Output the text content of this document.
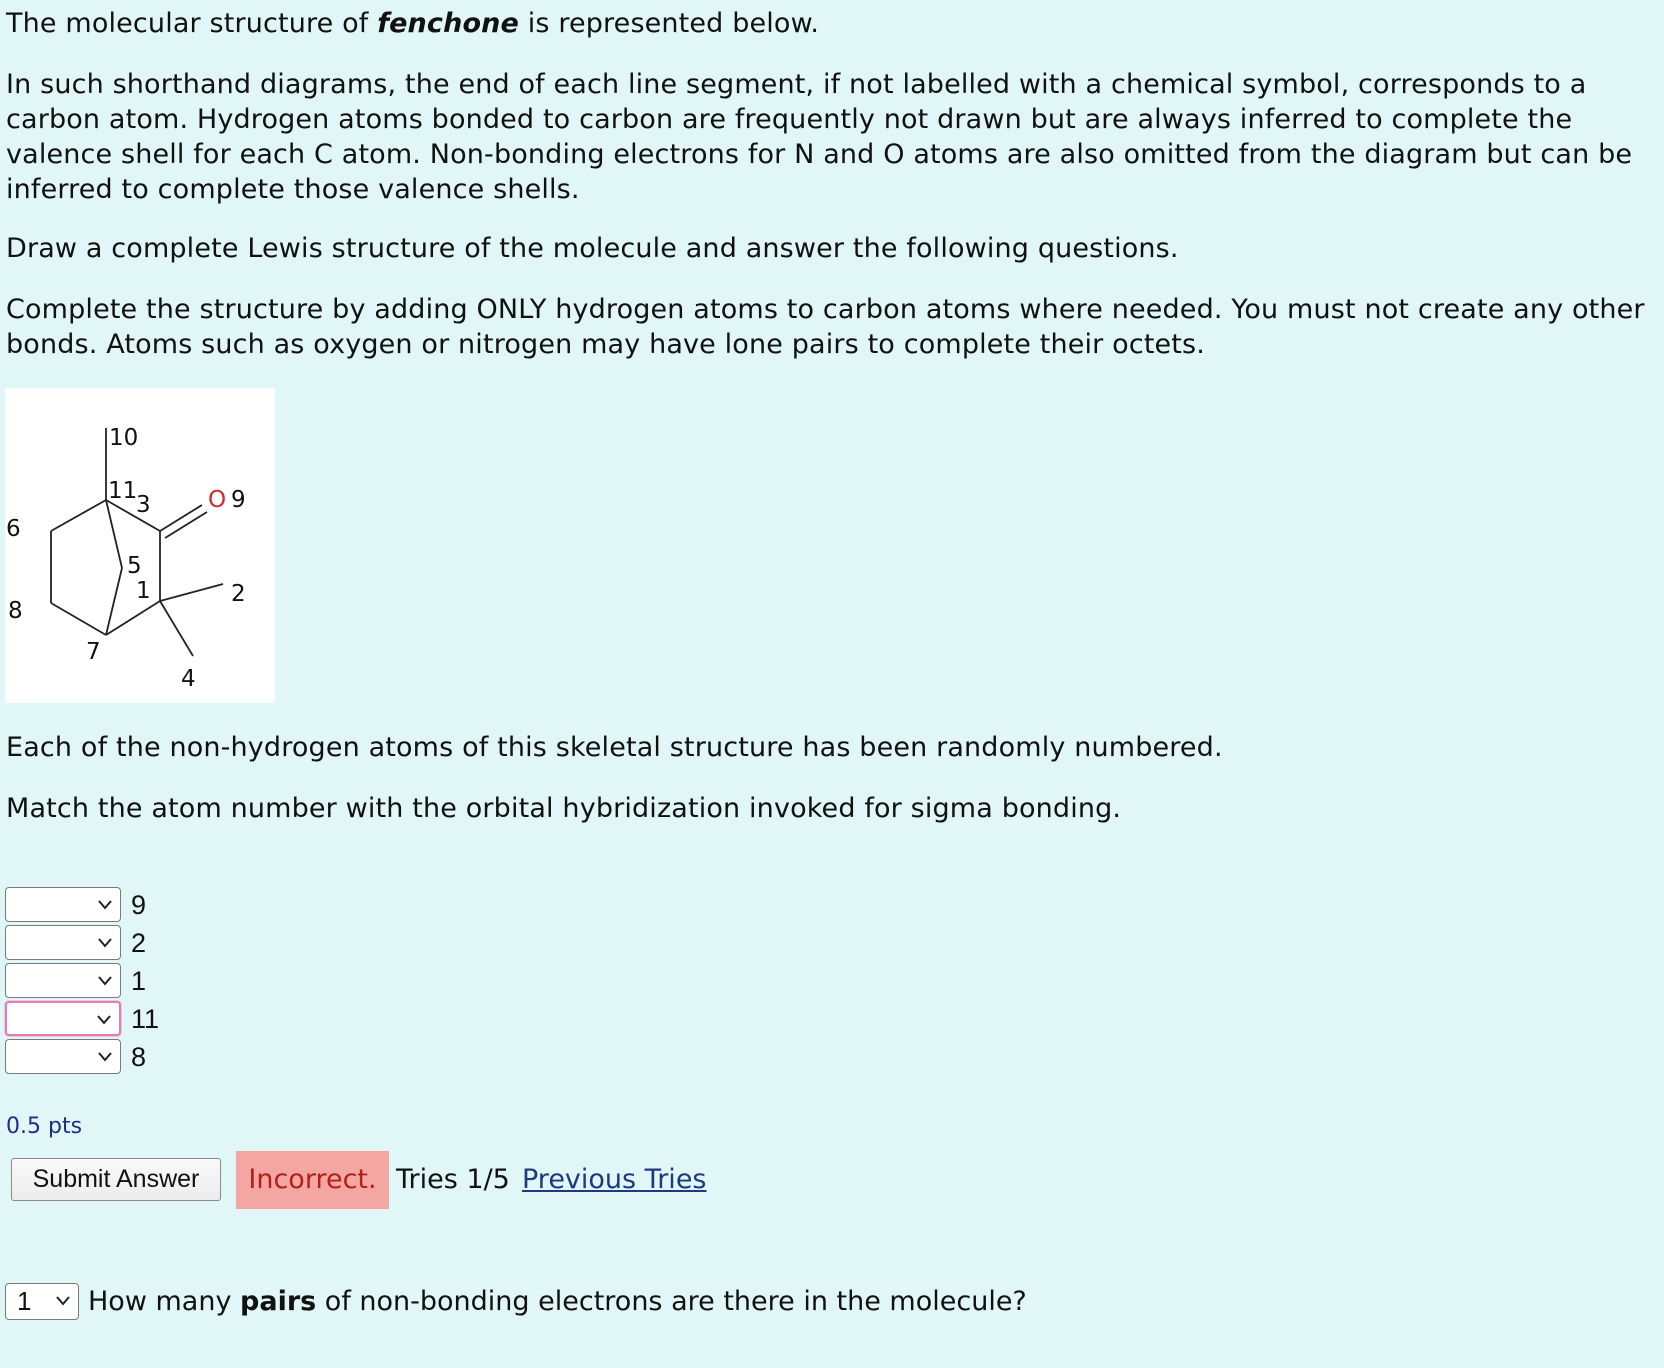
The molecular structure of fenchone is represented below.

In such shorthand diagrams, the end of each line segment, if not labelled with a chemical symbol, corresponds to a carbon atom. Hydrogen atoms bonded to carbon are frequently not drawn but are always inferred to complete the valence shell for each C atom. Non-bonding electrons for N and O atoms are also omitted from the diagram but can be inferred to complete those valence shells.

Draw a complete Lewis structure of the molecule and answer the following questions.

Complete the structure by adding ONLY hydrogen atoms to carbon atoms where needed. You must not create any other bonds. Atoms such as oxygen or nitrogen may have lone pairs to complete their octets.

10
11
3 O 9
6
5
1	2
8
7
4

Each of the non-hydrogen atoms of this skeletal structure has been randomly numbered.

Match the atom number with the orbital hybridization invoked for sigma bonding.

9
2
1
11
8
0.5 pts
Submit Answer	Incorrect. Tries 1/5 Previous Tries
1 How many pairs of non-bonding electrons are there in the molecule?
